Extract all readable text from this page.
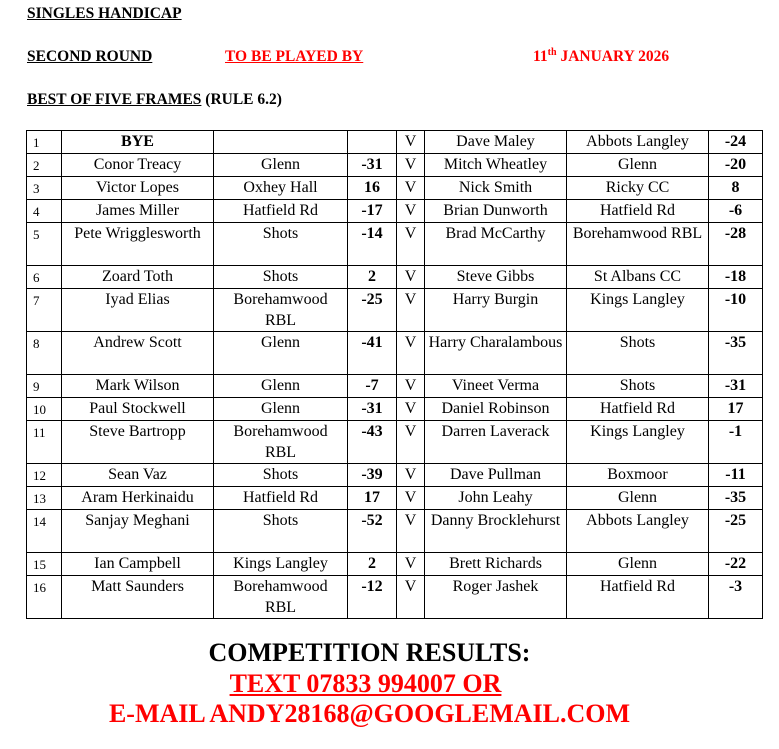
SINGLES HANDICAP
SECOND ROUND	TO BE PLAYED BY	11th JANUARY 2026
BEST OF FIVE FRAMES (RULE 6.2)
1	BYE			V	Dave Maley	Abbots Langley	-24
2	Conor Treacy	Glenn	-31	V	Mitch Wheatley	Glenn	-20
3	Victor Lopes	Oxhey Hall	16	V	Nick Smith	Ricky CC	8
4	James Miller	Hatfield Rd	-17	V	Brian Dunworth	Hatfield Rd	-6
5	Pete Wrigglesworth	Shots	-14	V	Brad McCarthy	Borehamwood RBL	-28
6	Zoard Toth	Shots	2	V	Steve Gibbs	St Albans CC	-18
7	Iyad Elias	Borehamwood RBL	-25	V	Harry Burgin	Kings Langley	-10
8	Andrew Scott	Glenn	-41	V	Harry Charalambous	Shots	-35
9	Mark Wilson	Glenn	-7	V	Vineet Verma	Shots	-31
10	Paul Stockwell	Glenn	-31	V	Daniel Robinson	Hatfield Rd	17
11	Steve Bartropp	Borehamwood RBL	-43	V	Darren Laverack	Kings Langley	-1
12	Sean Vaz	Shots	-39	V	Dave Pullman	Boxmoor	-11
13	Aram Herkinaidu	Hatfield Rd	17	V	John Leahy	Glenn	-35
14	Sanjay Meghani	Shots	-52	V	Danny Brocklehurst	Abbots Langley	-25
15	Ian Campbell	Kings Langley	2	V	Brett Richards	Glenn	-22
16	Matt Saunders	Borehamwood RBL	-12	V	Roger Jashek	Hatfield Rd	-3
COMPETITION RESULTS:
TEXT 07833 994007 OR
E-MAIL ANDY28168@GOOGLEMAIL.COM
